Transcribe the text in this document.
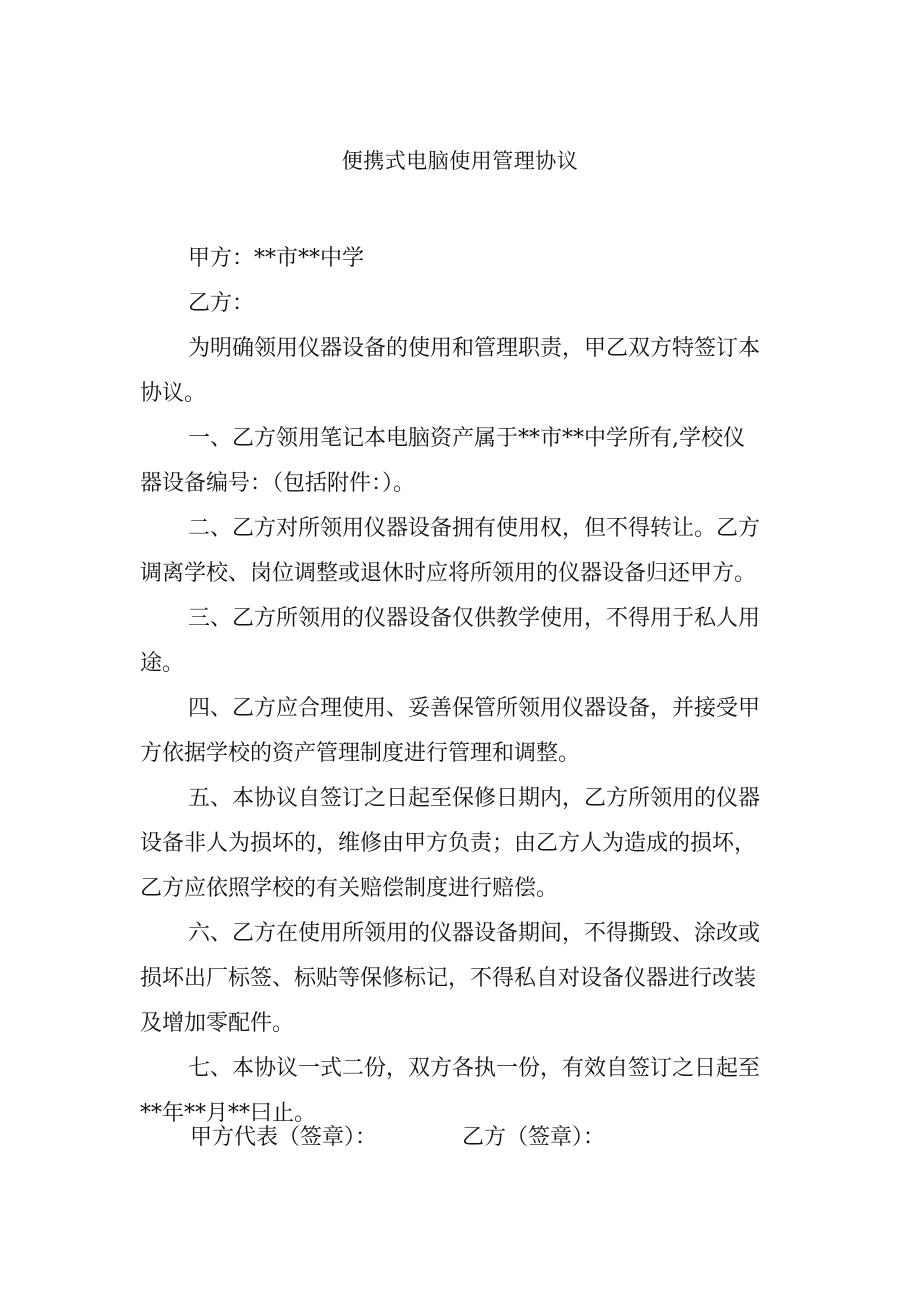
便携式电脑使用管理协议
甲方：**市**中学
乙方：
为明确领用仪器设备的使用和管理职责，甲乙双方特签订本
协议。
一、乙方领用笔记本电脑资产属于**市**中学所有,学校仪
器设备编号：（包括附件：）。
二、乙方对所领用仪器设备拥有使用权，但不得转让。乙方
调离学校、岗位调整或退休时应将所领用的仪器设备归还甲方。
三、乙方所领用的仪器设备仅供教学使用，不得用于私人用
途。
四、乙方应合理使用、妥善保管所领用仪器设备，并接受甲
方依据学校的资产管理制度进行管理和调整。
五、本协议自签订之日起至保修日期内，乙方所领用的仪器
设备非人为损坏的，维修由甲方负责；由乙方人为造成的损坏，
乙方应依照学校的有关赔偿制度进行赔偿。
六、乙方在使用所领用的仪器设备期间，不得撕毁、涂改或
损坏出厂标签、标贴等保修标记，不得私自对设备仪器进行改装
及增加零配件。
七、本协议一式二份，双方各执一份，有效自签订之日起至
**年**月**曰止。
甲方代表（签章）：	乙方（签章）：
